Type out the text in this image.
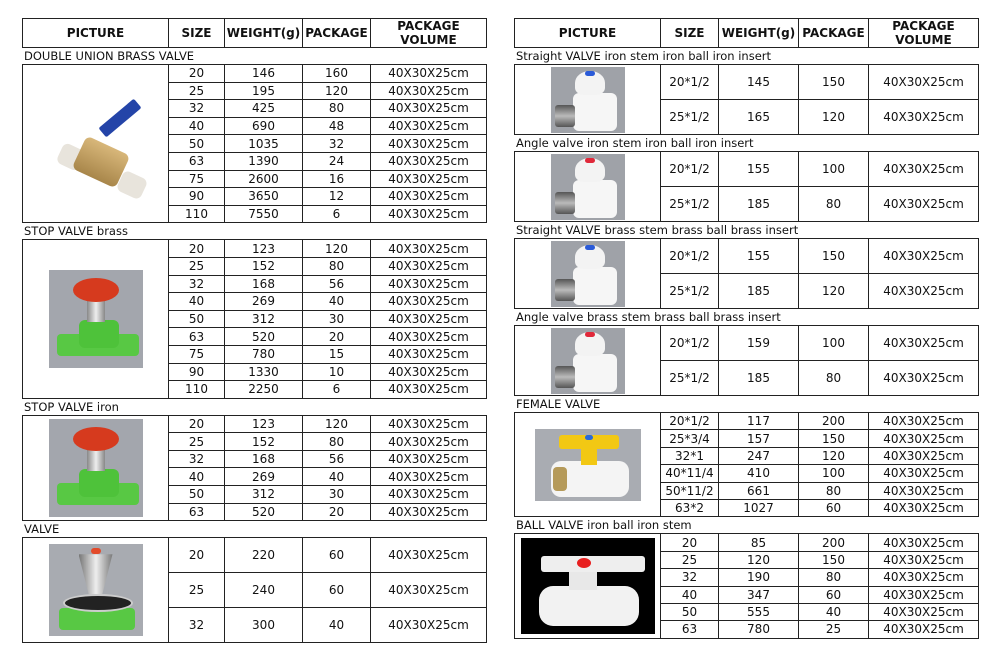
PICTURE	SIZE	WEIGHT(g)	PACKAGE	PACKAGE VOLUME
DOUBLE UNION BRASS VALVE
	20	146	160	40X30X25cm
	25	195	120	40X30X25cm
	32	425	80	40X30X25cm
	40	690	48	40X30X25cm
	50	1035	32	40X30X25cm
	63	1390	24	40X30X25cm
	75	2600	16	40X30X25cm
	90	3650	12	40X30X25cm
	110	7550	6	40X30X25cm
STOP VALVE brass
	20	123	120	40X30X25cm
	25	152	80	40X30X25cm
	32	168	56	40X30X25cm
	40	269	40	40X30X25cm
	50	312	30	40X30X25cm
	63	520	20	40X30X25cm
	75	780	15	40X30X25cm
	90	1330	10	40X30X25cm
	110	2250	6	40X30X25cm
STOP VALVE iron
	20	123	120	40X30X25cm
	25	152	80	40X30X25cm
	32	168	56	40X30X25cm
	40	269	40	40X30X25cm
	50	312	30	40X30X25cm
	63	520	20	40X30X25cm
VALVE
	20	220	60	40X30X25cm
	25	240	60	40X30X25cm
	32	300	40	40X30X25cm
PICTURE	SIZE	WEIGHT(g)	PACKAGE	PACKAGE VOLUME
Straight VALVE iron stem iron ball iron insert
	20*1/2	145	150	40X30X25cm
	25*1/2	165	120	40X30X25cm
Angle valve iron stem iron ball iron insert
	20*1/2	155	100	40X30X25cm
	25*1/2	185	80	40X30X25cm
Straight VALVE brass stem brass ball brass insert
	20*1/2	155	150	40X30X25cm
	25*1/2	185	120	40X30X25cm
Angle valve brass stem brass ball brass insert
	20*1/2	159	100	40X30X25cm
	25*1/2	185	80	40X30X25cm
FEMALE VALVE
	20*1/2	117	200	40X30X25cm
	25*3/4	157	150	40X30X25cm
	32*1	247	120	40X30X25cm
	40*11/4	410	100	40X30X25cm
	50*11/2	661	80	40X30X25cm
	63*2	1027	60	40X30X25cm
BALL VALVE iron ball iron stem
	20	85	200	40X30X25cm
	25	120	150	40X30X25cm
	32	190	80	40X30X25cm
	40	347	60	40X30X25cm
	50	555	40	40X30X25cm
	63	780	25	40X30X25cm
